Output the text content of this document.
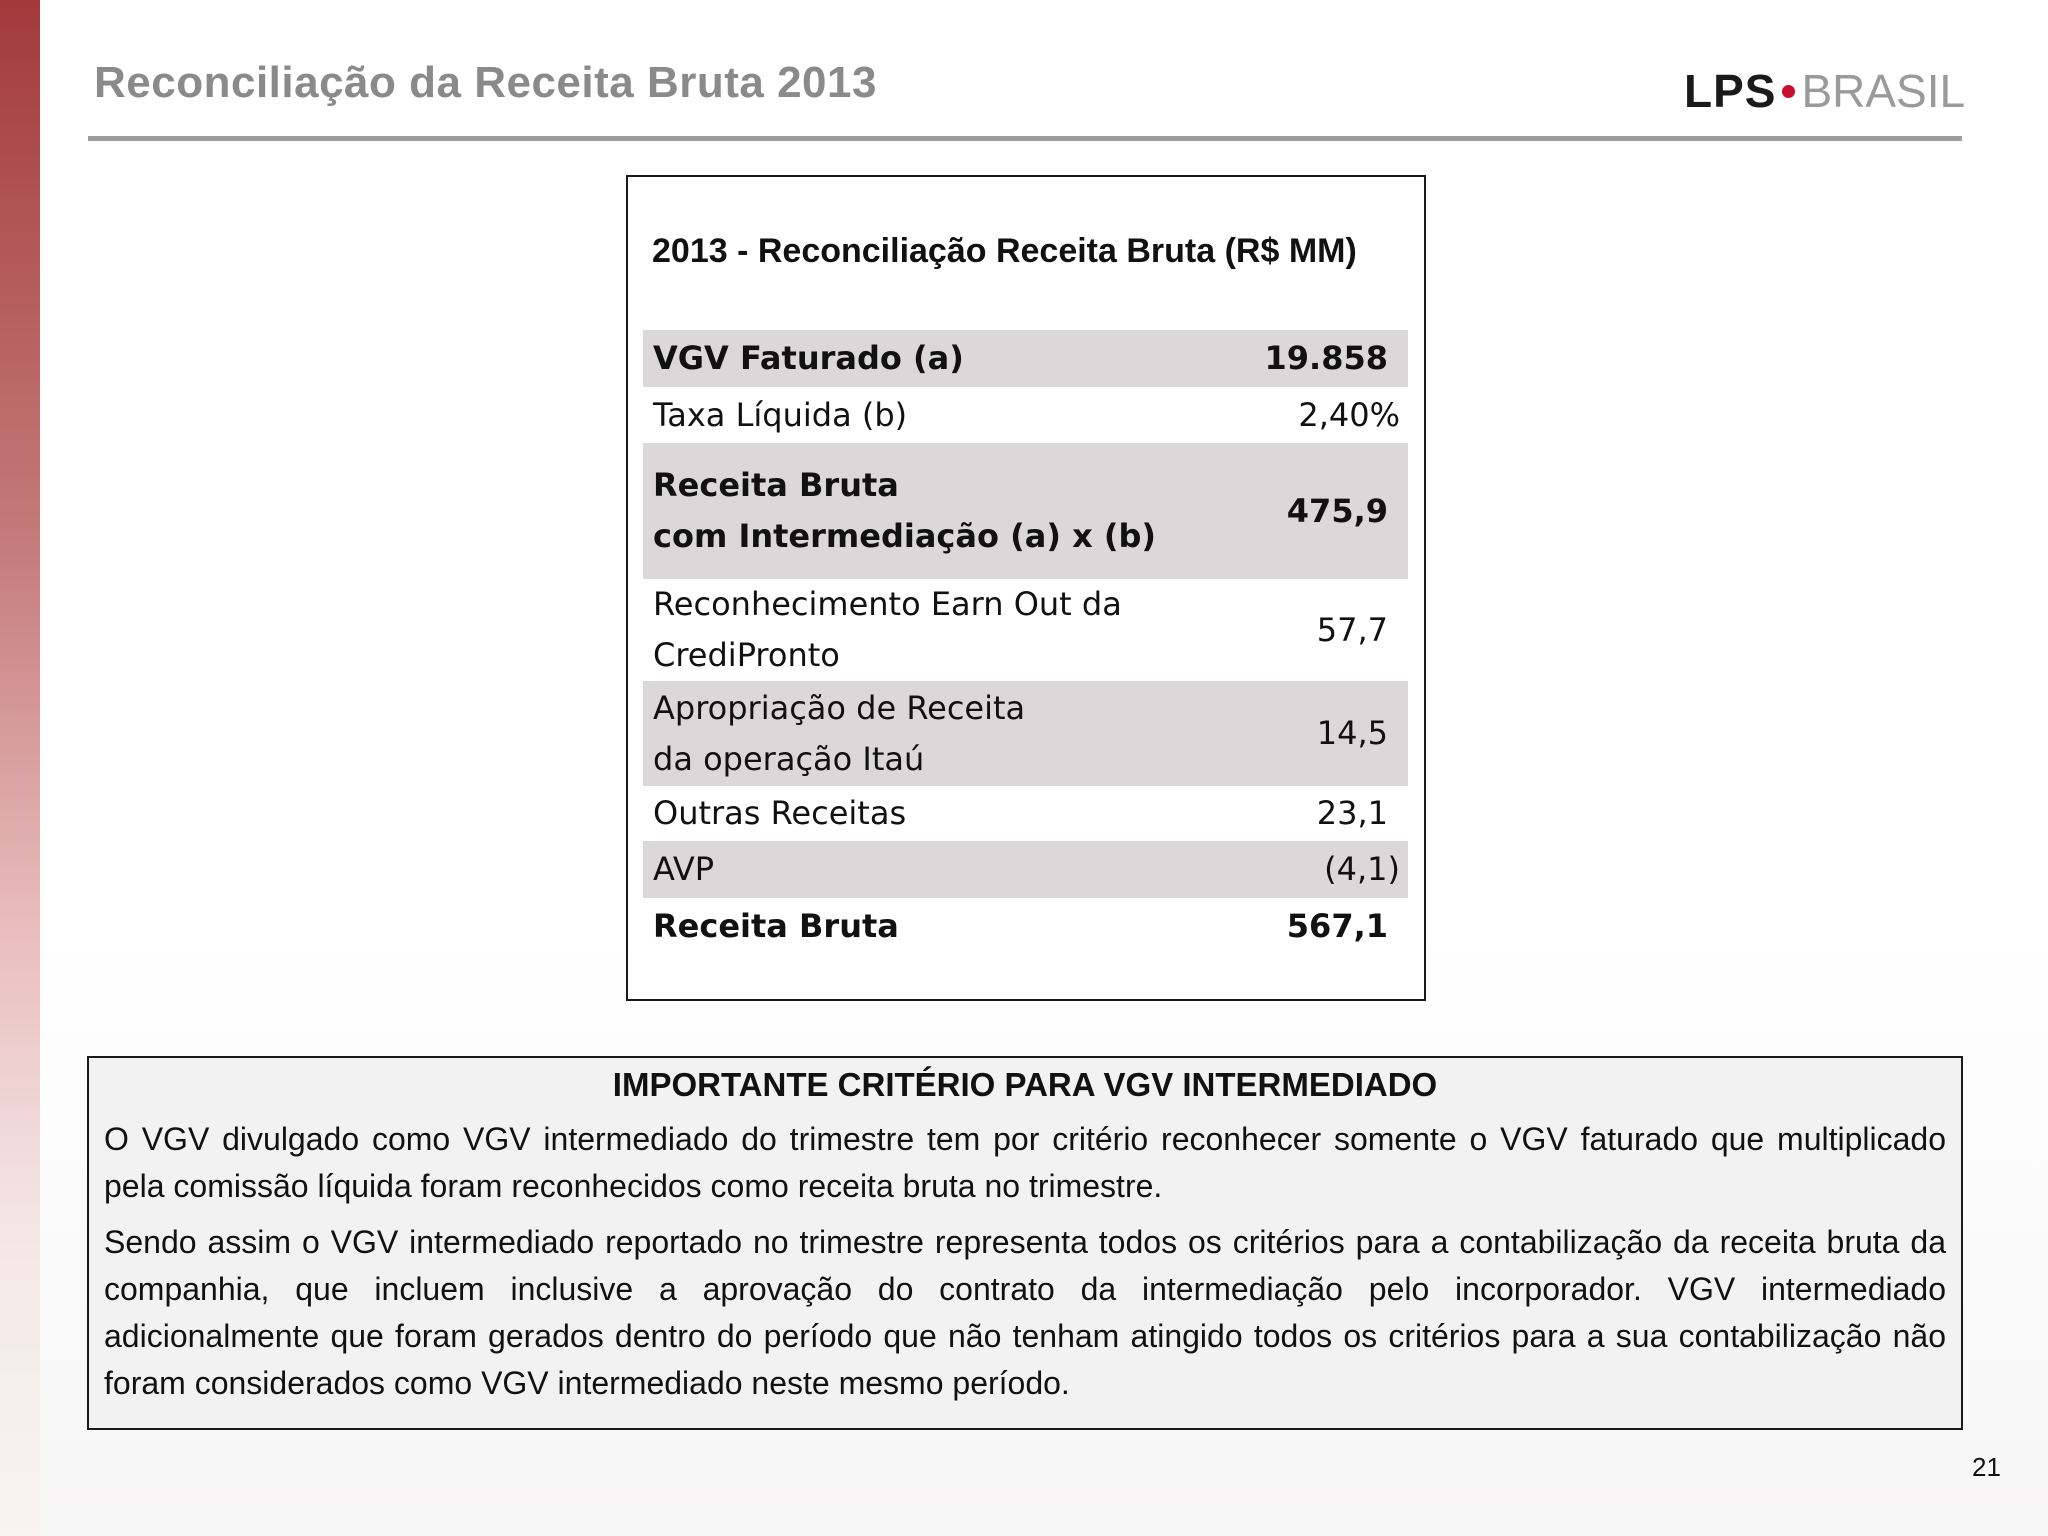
Reconciliação da Receita Bruta 2013	LPS BRASIL
2013 - Reconciliação Receita Bruta (R$ MM)
VGV Faturado (a)	19.858
Taxa Líquida (b)	2,40%
Receita Bruta
com Intermediação (a) x (b)	475,9
Reconhecimento Earn Out da
CrediPronto	57,7
Apropriação de Receita
da operação Itaú	14,5
Outras Receitas	23,1
AVP	(4,1)
Receita Bruta	567,1
IMPORTANTE CRITÉRIO PARA VGV INTERMEDIADO

O VGV divulgado como VGV intermediado do trimestre tem por critério reconhecer somente o VGV faturado que multiplicado pela comissão líquida foram reconhecidos como receita bruta no trimestre.

Sendo assim o VGV intermediado reportado no trimestre representa todos os critérios para a contabilização da receita bruta da companhia, que incluem inclusive a aprovação do contrato da intermediação pelo incorporador. VGV intermediado adicionalmente que foram gerados dentro do período que não tenham atingido todos os critérios para a sua contabilização não foram considerados como VGV intermediado neste mesmo período.

21
